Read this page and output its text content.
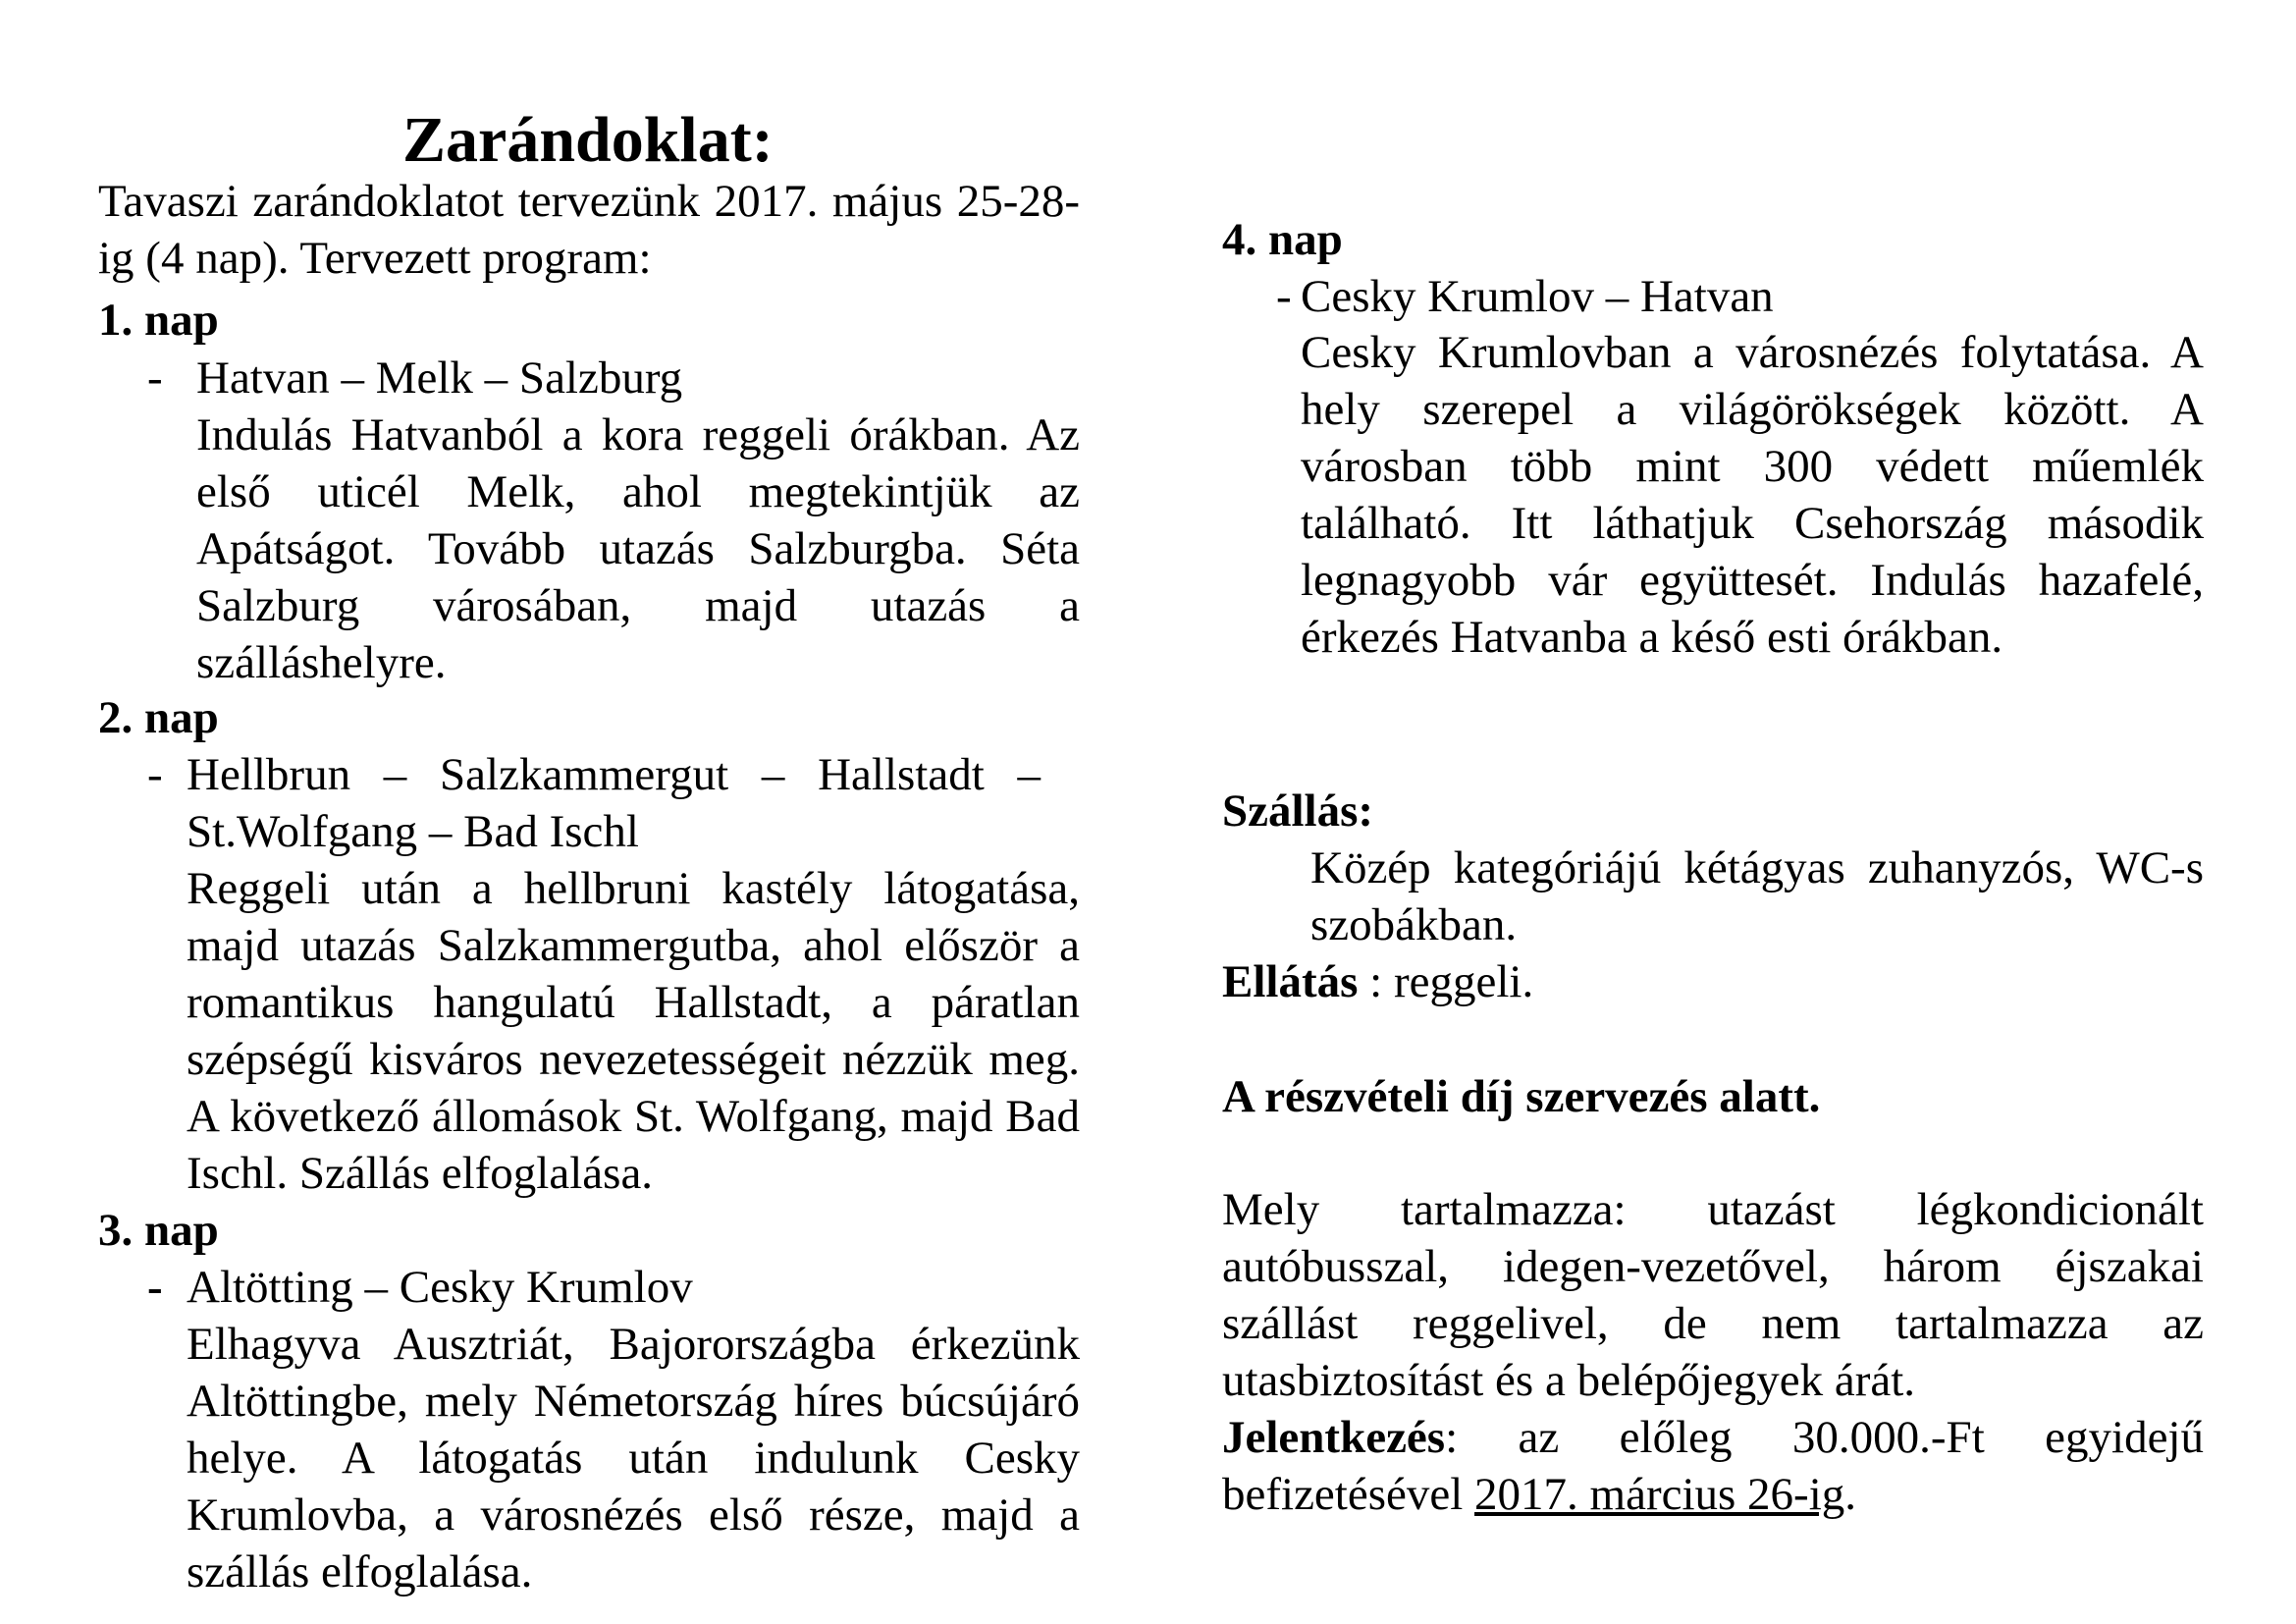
Zarándoklat:
Tavaszi zarándoklatot tervezünk 2017. május 25-28-ig (4 nap). Tervezett program:
1. nap
- Hatvan – Melk – Salzburg
Indulás Hatvanból a kora reggeli órákban. Az első uticél Melk, ahol megtekintjük az Apátságot. Tovább utazás Salzburgba. Séta Salzburg városában, majd utazás a szálláshelyre.
2. nap
- Hellbrun – Salzkammergut – Hallstadt – St.Wolfgang – Bad Ischl
Reggeli után a hellbruni kastély látogatása, majd utazás Salzkammergutba, ahol először a romantikus hangulatú Hallstadt, a páratlan szépségű kisváros nevezetességeit nézzük meg. A következő állomások St. Wolfgang, majd Bad Ischl. Szállás elfoglalása.
3. nap
- Altötting – Cesky Krumlov
Elhagyva Ausztriát, Bajorországba érkezünk Altöttingbe, mely Németország híres búcsújáró helye. A látogatás után indulunk Cesky Krumlovba, a városnézés első része, majd a szállás elfoglalása.
4. nap
- Cesky Krumlov – Hatvan
Cesky Krumlovban a városnézés folytatása. A hely szerepel a világörökségek között. A városban több mint 300 védett műemlék található. Itt láthatjuk Csehország második legnagyobb vár együttesét. Indulás hazafelé, érkezés Hatvanba a késő esti órákban.
Szállás:
Közép kategóriájú kétágyas zuhanyzós, WC-s szobákban.
Ellátás : reggeli.
A részvételi díj szervezés alatt.
Mely tartalmazza: utazást légkondicionált autóbusszal, idegen-vezetővel, három éjszakai szállást reggelivel, de nem tartalmazza az utasbiztosítást és a belépőjegyek árát.
Jelentkezés: az előleg 30.000.-Ft egyidejű befizetésével 2017. március 26-ig.
